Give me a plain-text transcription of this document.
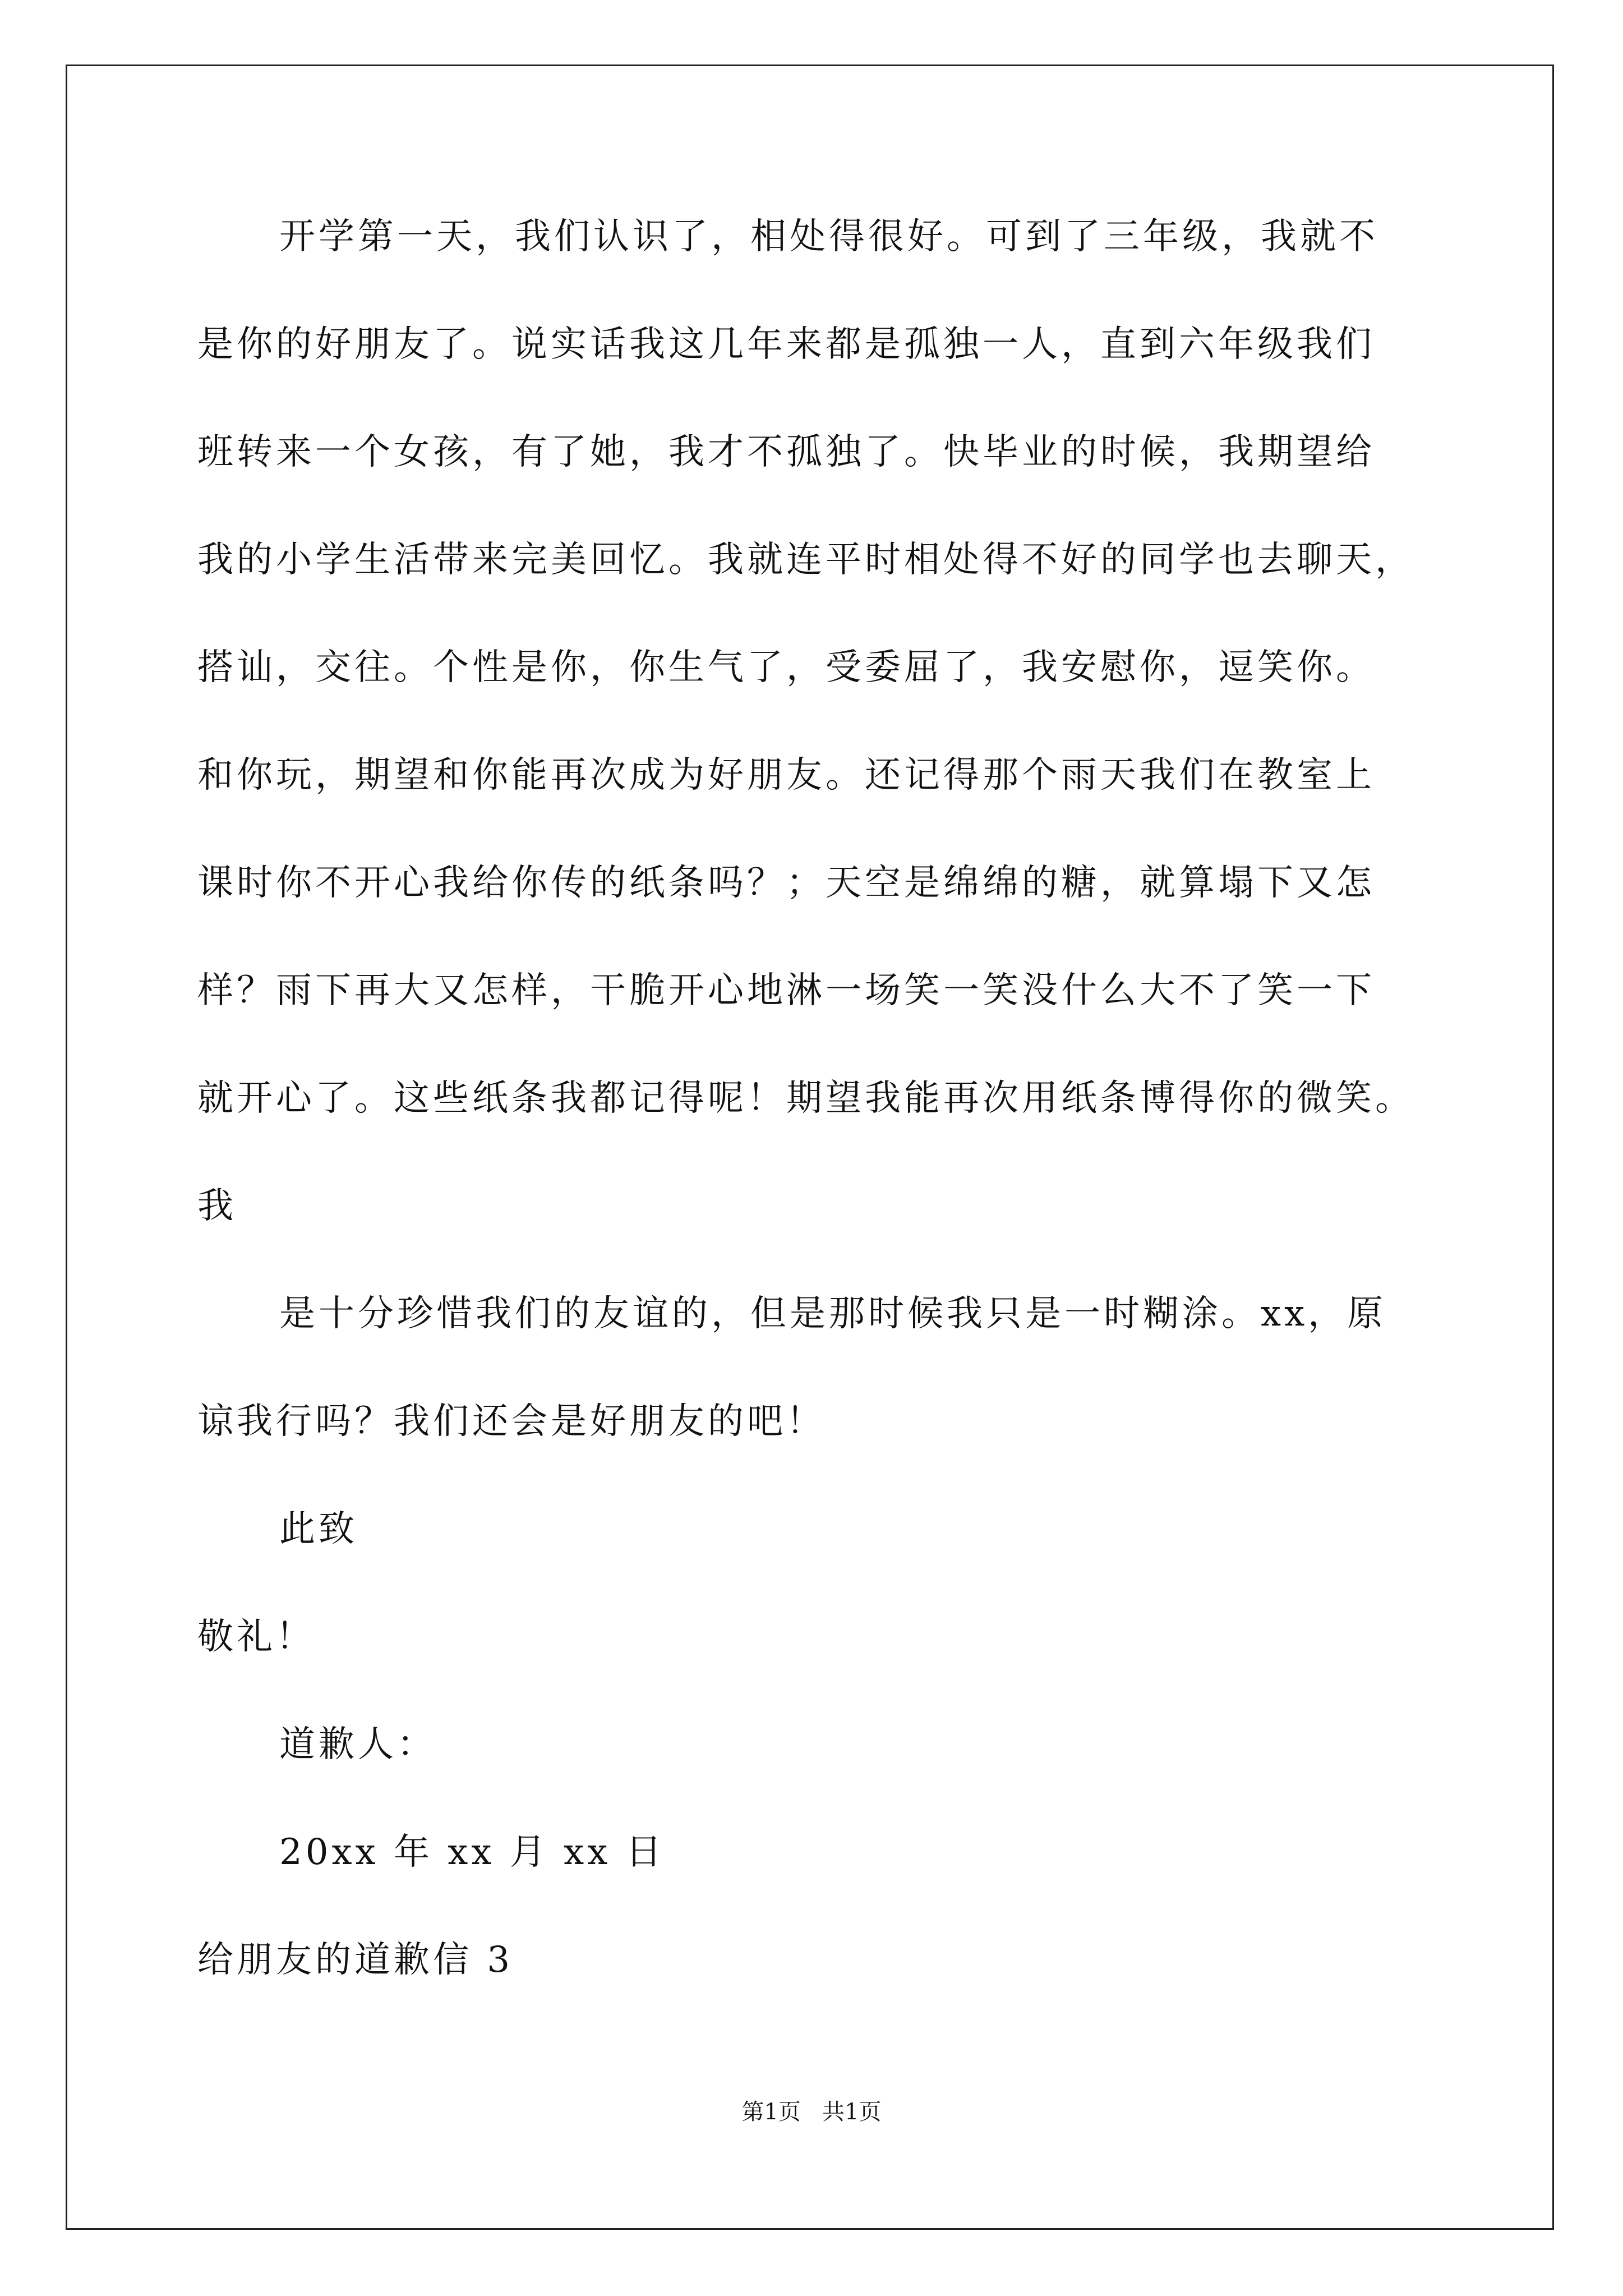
开学第一天，我们认识了，相处得很好。可到了三年级，我就不
是你的好朋友了。说实话我这几年来都是孤独一人，直到六年级我们
班转来一个女孩，有了她，我才不孤独了。快毕业的时候，我期望给
我的小学生活带来完美回忆。我就连平时相处得不好的同学也去聊天，
搭讪，交往。个性是你，你生气了，受委屈了，我安慰你，逗笑你。
和你玩，期望和你能再次成为好朋友。还记得那个雨天我们在教室上
课时你不开心我给你传的纸条吗？；天空是绵绵的糖，就算塌下又怎
样？雨下再大又怎样，干脆开心地淋一场笑一笑没什么大不了笑一下
就开心了。这些纸条我都记得呢！期望我能再次用纸条博得你的微笑。
我
是十分珍惜我们的友谊的，但是那时候我只是一时糊涂。xx，原
谅我行吗？我们还会是好朋友的吧！
此致
敬礼！
道歉人：
20xx 年 xx 月 xx 日
给朋友的道歉信 3
第1页   共1页
